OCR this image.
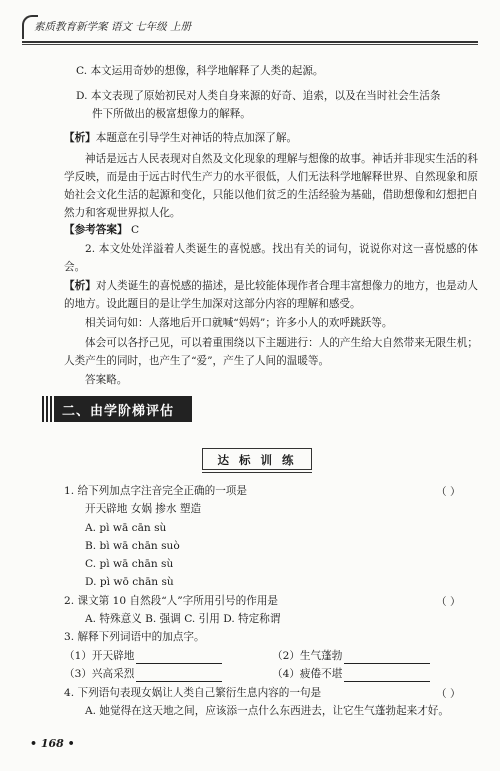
素质教育新学案 语文 七年级 上册
C. 本文运用奇妙的想像，科学地解释了人类的起源。
D. 本文表现了原始初民对人类自身来源的好奇、追索，以及在当时社会生活条
件下所做出的极富想像力的解释。
【析】本题意在引导学生对神话的特点加深了解。
神话是远古人民表现对自然及文化现象的理解与想像的故事。神话并非现实生活的科学反映，而是由于远古时代生产力的水平很低，人们无法科学地解释世界、自然现象和原始社会文化生活的起源和变化，只能以他们贫乏的生活经验为基础，借助想像和幻想把自然力和客观世界拟人化。
【参考答案】 C
2. 本文处处洋溢着人类诞生的喜悦感。找出有关的词句，说说你对这一喜悦感的体会。
【析】对人类诞生的喜悦感的描述，是比较能体现作者合理丰富想像力的地方，也是动人的地方。设此题目的是让学生加深对这部分内容的理解和感受。
相关词句如：人落地后开口就喊“妈妈”；许多小人的欢呼跳跃等。
体会可以各抒己见，可以着重围绕以下主题进行：人的产生给大自然带来无限生机；人类产生的同时，也产生了“爱”，产生了人间的温暖等。
答案略。
二、由学阶梯评估
达 标 训 练
1. 给下列加点字注音完全正确的一项是	（ ）
开天辟地 女娲 掺水 塑造
A. pì wā cān sù
B. bì wā chān suò
C. pì wā chān sù
D. pì wō chān sù
2. 课文第 10 自然段“人”字所用引号的作用是	（ ）
A. 特殊意义 B. 强调 C. 引用 D. 特定称谓
3. 解释下列词语中的加点字。
（1）开天辟地	（2）生气蓬勃
（3）兴高采烈	（4）疲倦不堪
4. 下列语句表现女娲让人类自己繁衍生息内容的一句是	（ ）
A. 她觉得在这天地之间，应该添一点什么东西进去，让它生气蓬勃起来才好。
• 168 •
